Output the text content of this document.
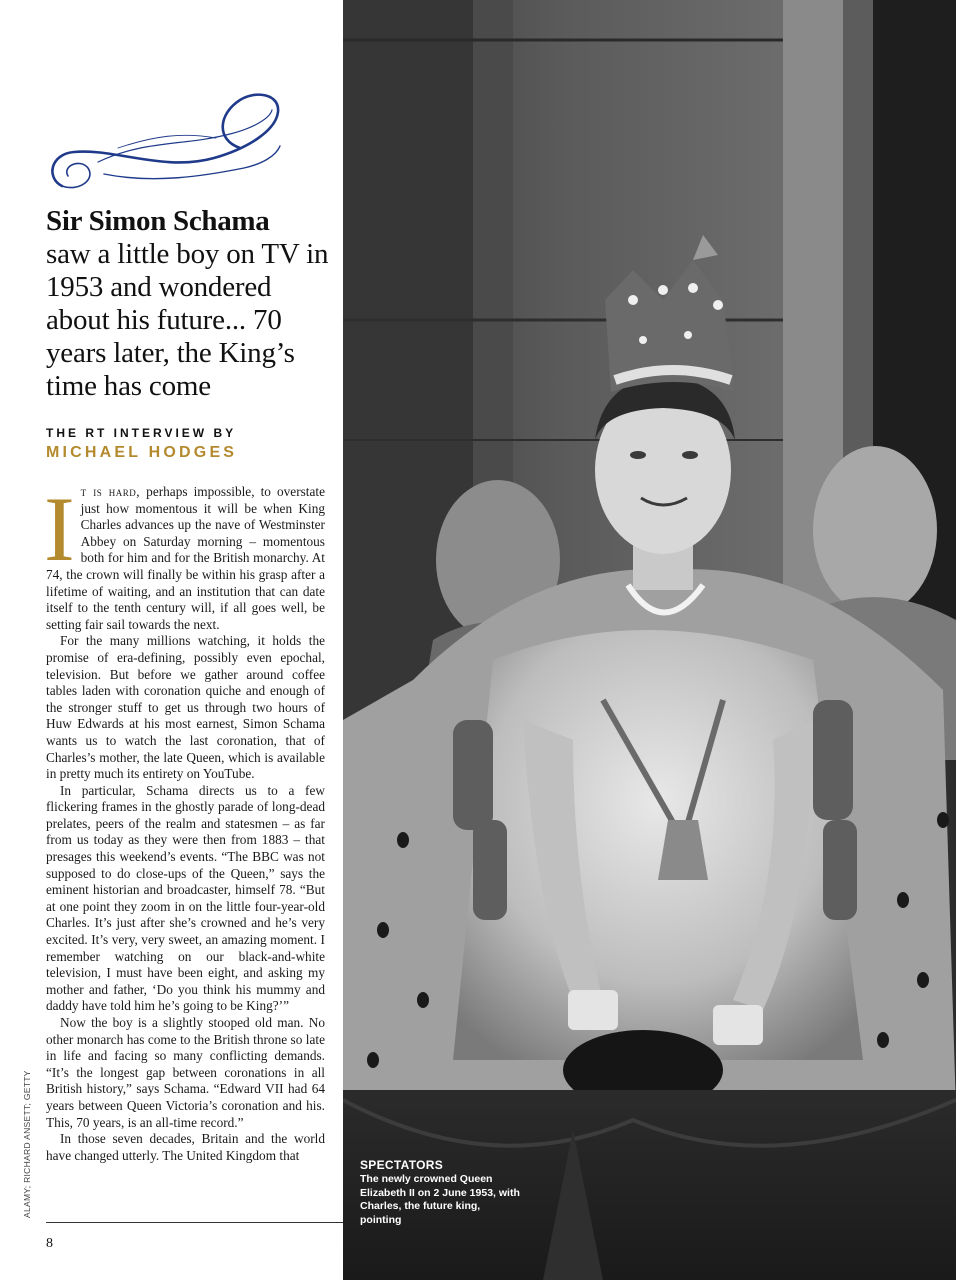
Sir Simon Schama
saw a little boy on TV in 1953 and wondered about his future... 70 years later, the King’s time has come
THE RT INTERVIEW BY
MICHAEL HODGES

It is hard, perhaps impossible, to overstate just how momentous it will be when King Charles advances up the nave of Westminster Abbey on Saturday morning – momentous both for him and for the British monarchy. At 74, the crown will finally be within his grasp after a lifetime of waiting, and an institution that can date itself to the tenth century will, if all goes well, be setting fair sail towards the next.

For the many millions watching, it holds the promise of era-defining, possibly even epochal, television. But before we gather around coffee tables laden with coronation quiche and enough of the stronger stuff to get us through two hours of Huw Edwards at his most earnest, Simon Schama wants us to watch the last coronation, that of Charles’s mother, the late Queen, which is available in pretty much its entirety on YouTube.

In particular, Schama directs us to a few flickering frames in the ghostly parade of long-dead prelates, peers of the realm and statesmen – as far from us today as they were then from 1883 – that presages this weekend’s events. “The BBC was not supposed to do close-ups of the Queen,” says the eminent historian and broadcaster, himself 78. “But at one point they zoom in on the little four-year-old Charles. It’s just after she’s crowned and he’s very excited. It’s very, very sweet, an amazing moment. I remember watching on our black-and-white television, I must have been eight, and asking my mother and father, ‘Do you think his mummy and daddy have told him he’s going to be King?’”

Now the boy is a slightly stooped old man. No other monarch has come to the British throne so late in life and facing so many conflicting demands. “It’s the longest gap between coronations in all British history,” says Schama. “Edward VII had 64 years between Queen Victoria’s coronation and his. This, 70 years, is an all-time record.”

In those seven decades, Britain and the world have changed utterly. The United Kingdom that

ALAMY; RICHARD ANSETT; GETTY
8
SPECTATORS
The newly crowned Queen Elizabeth II on 2 June 1953, with Charles, the future king, pointing
